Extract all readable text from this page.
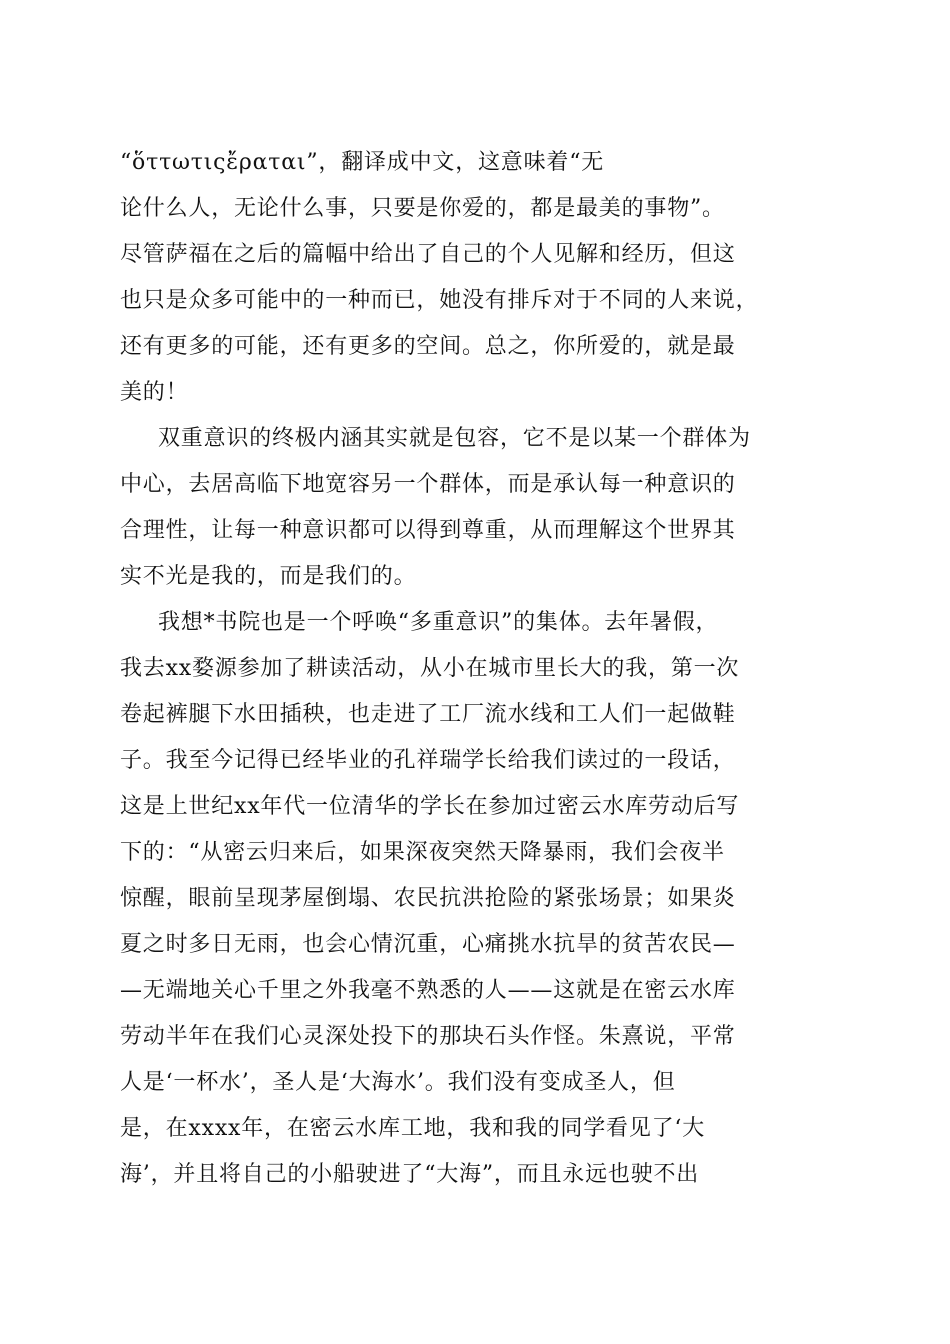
“ὅττωτιςἔραται”，翻译成中文，这意味着“无
论什么人，无论什么事，只要是你爱的，都是最美的事物”。
尽管萨福在之后的篇幅中给出了自己的个人见解和经历，但这
也只是众多可能中的一种而已，她没有排斥对于不同的人来说，
还有更多的可能，还有更多的空间。总之，你所爱的，就是最
美的！
双重意识的终极内涵其实就是包容，它不是以某一个群体为
中心，去居高临下地宽容另一个群体，而是承认每一种意识的
合理性，让每一种意识都可以得到尊重，从而理解这个世界其
实不光是我的，而是我们的。
我想*书院也是一个呼唤“多重意识”的集体。去年暑假，
我去xx婺源参加了耕读活动，从小在城市里长大的我，第一次
卷起裤腿下水田插秧，也走进了工厂流水线和工人们一起做鞋
子。我至今记得已经毕业的孔祥瑞学长给我们读过的一段话，
这是上世纪xx年代一位清华的学长在参加过密云水库劳动后写
下的：“从密云归来后，如果深夜突然天降暴雨，我们会夜半
惊醒，眼前呈现茅屋倒塌、农民抗洪抢险的紧张场景；如果炎
夏之时多日无雨，也会心情沉重，心痛挑水抗旱的贫苦农民—
—无端地关心千里之外我毫不熟悉的人——这就是在密云水库
劳动半年在我们心灵深处投下的那块石头作怪。朱熹说，平常
人是‘一杯水’，圣人是‘大海水’。我们没有变成圣人，但
是，在xxxx年，在密云水库工地，我和我的同学看见了‘大
海’，并且将自己的小船驶进了“大海”，而且永远也驶不出
